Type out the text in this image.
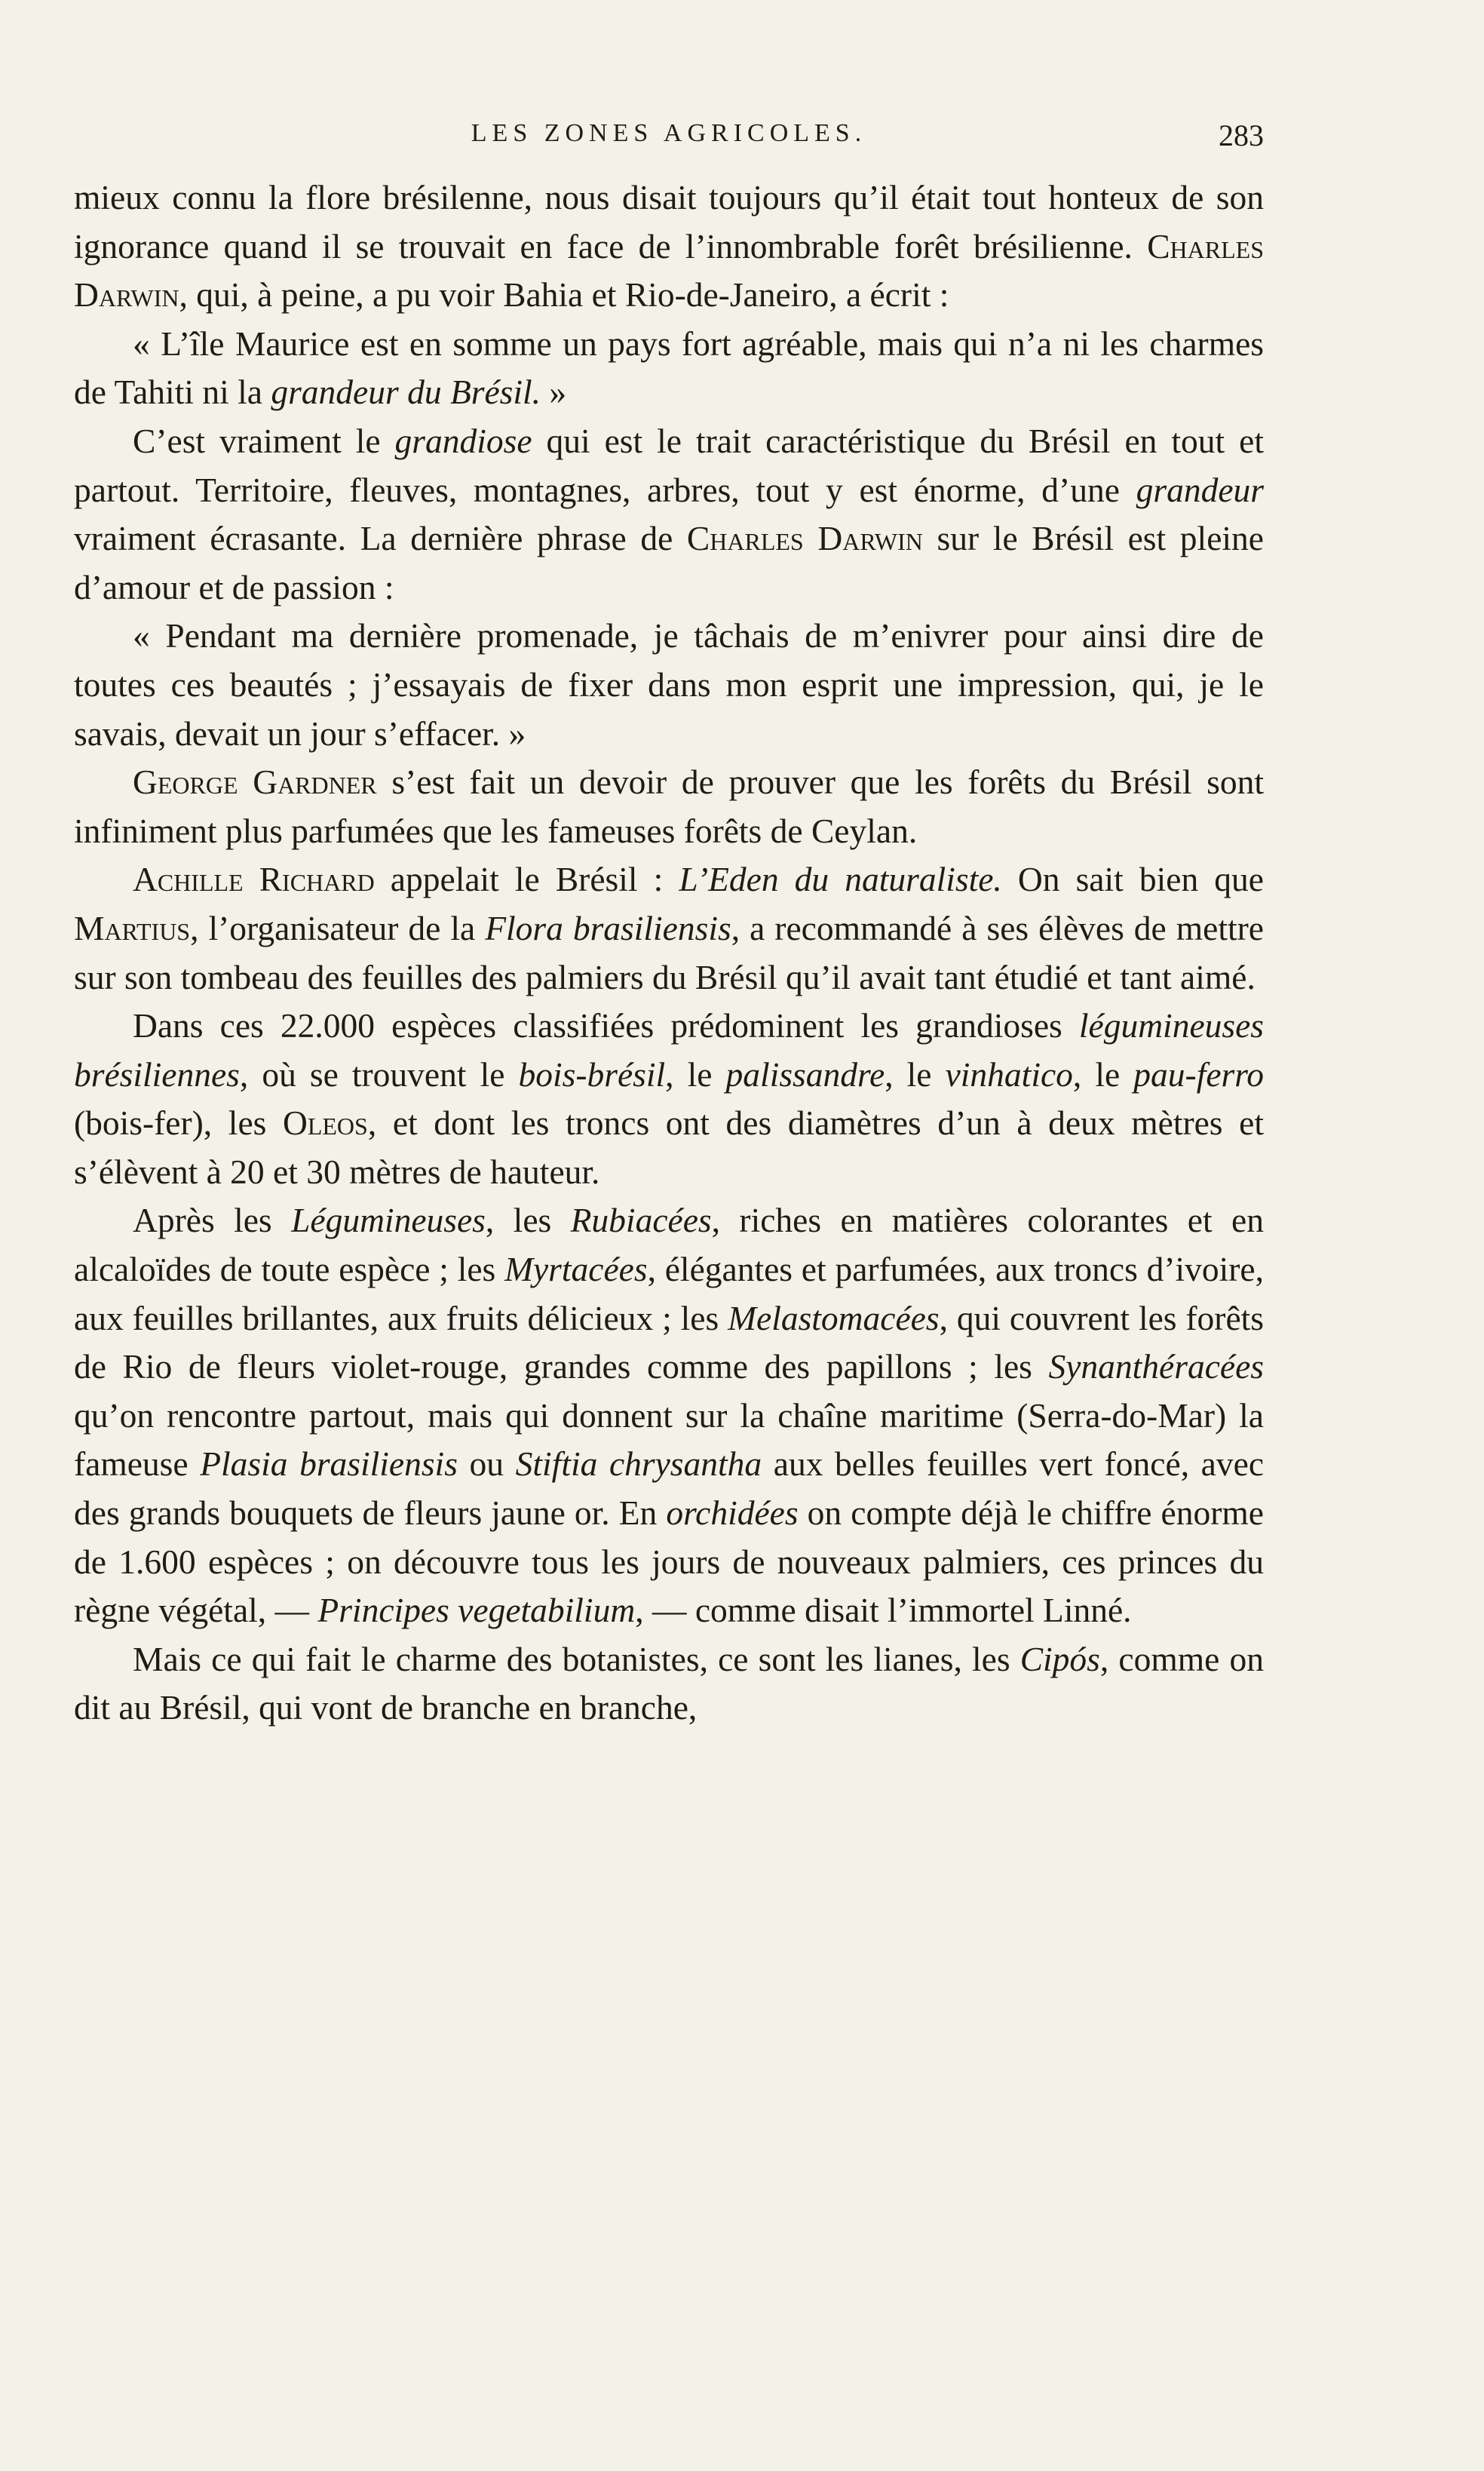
LES ZONES AGRICOLES.	283

mieux connu la flore brésilenne, nous disait toujours qu’il était tout honteux de son ignorance quand il se trouvait en face de l’innombrable forêt brésilienne. Charles Darwin, qui, à peine, a pu voir Bahia et Rio-de-Janeiro, a écrit :

« L’île Maurice est en somme un pays fort agréable, mais qui n’a ni les charmes de Tahiti ni la grandeur du Brésil. »

C’est vraiment le grandiose qui est le trait caractéristique du Brésil en tout et partout. Territoire, fleuves, montagnes, arbres, tout y est énorme, d’une grandeur vraiment écrasante. La dernière phrase de Charles Darwin sur le Brésil est pleine d’amour et de passion :

« Pendant ma dernière promenade, je tâchais de m’enivrer pour ainsi dire de toutes ces beautés ; j’essayais de fixer dans mon esprit une impression, qui, je le savais, devait un jour s’effacer. »

George Gardner s’est fait un devoir de prouver que les forêts du Brésil sont infiniment plus parfumées que les fameuses forêts de Ceylan.

Achille Richard appelait le Brésil : L’Eden du naturaliste. On sait bien que Martius, l’organisateur de la Flora brasiliensis, a recommandé à ses élèves de mettre sur son tombeau des feuilles des palmiers du Brésil qu’il avait tant étudié et tant aimé.

Dans ces 22.000 espèces classifiées prédominent les grandioses légumineuses brésiliennes, où se trouvent le bois-brésil, le palissandre, le vinhatico, le pau-ferro (bois-fer), les Oleos, et dont les troncs ont des diamètres d’un à deux mètres et s’élèvent à 20 et 30 mètres de hauteur.

Après les Légumineuses, les Rubiacées, riches en matières colorantes et en alcaloïdes de toute espèce ; les Myrtacées, élégantes et parfumées, aux troncs d’ivoire, aux feuilles brillantes, aux fruits délicieux ; les Melastomacées, qui couvrent les forêts de Rio de fleurs violet-rouge, grandes comme des papillons ; les Synanthéracées qu’on rencontre partout, mais qui donnent sur la chaîne maritime (Serra-do-Mar) la fameuse Plasia brasiliensis ou Stiftia chrysantha aux belles feuilles vert foncé, avec des grands bouquets de fleurs jaune or. En orchidées on compte déjà le chiffre énorme de 1.600 espèces ; on découvre tous les jours de nouveaux palmiers, ces princes du règne végétal, — Principes vegetabilium, — comme disait l’immortel Linné.

Mais ce qui fait le charme des botanistes, ce sont les lianes, les Cipós, comme on dit au Brésil, qui vont de branche en branche,
